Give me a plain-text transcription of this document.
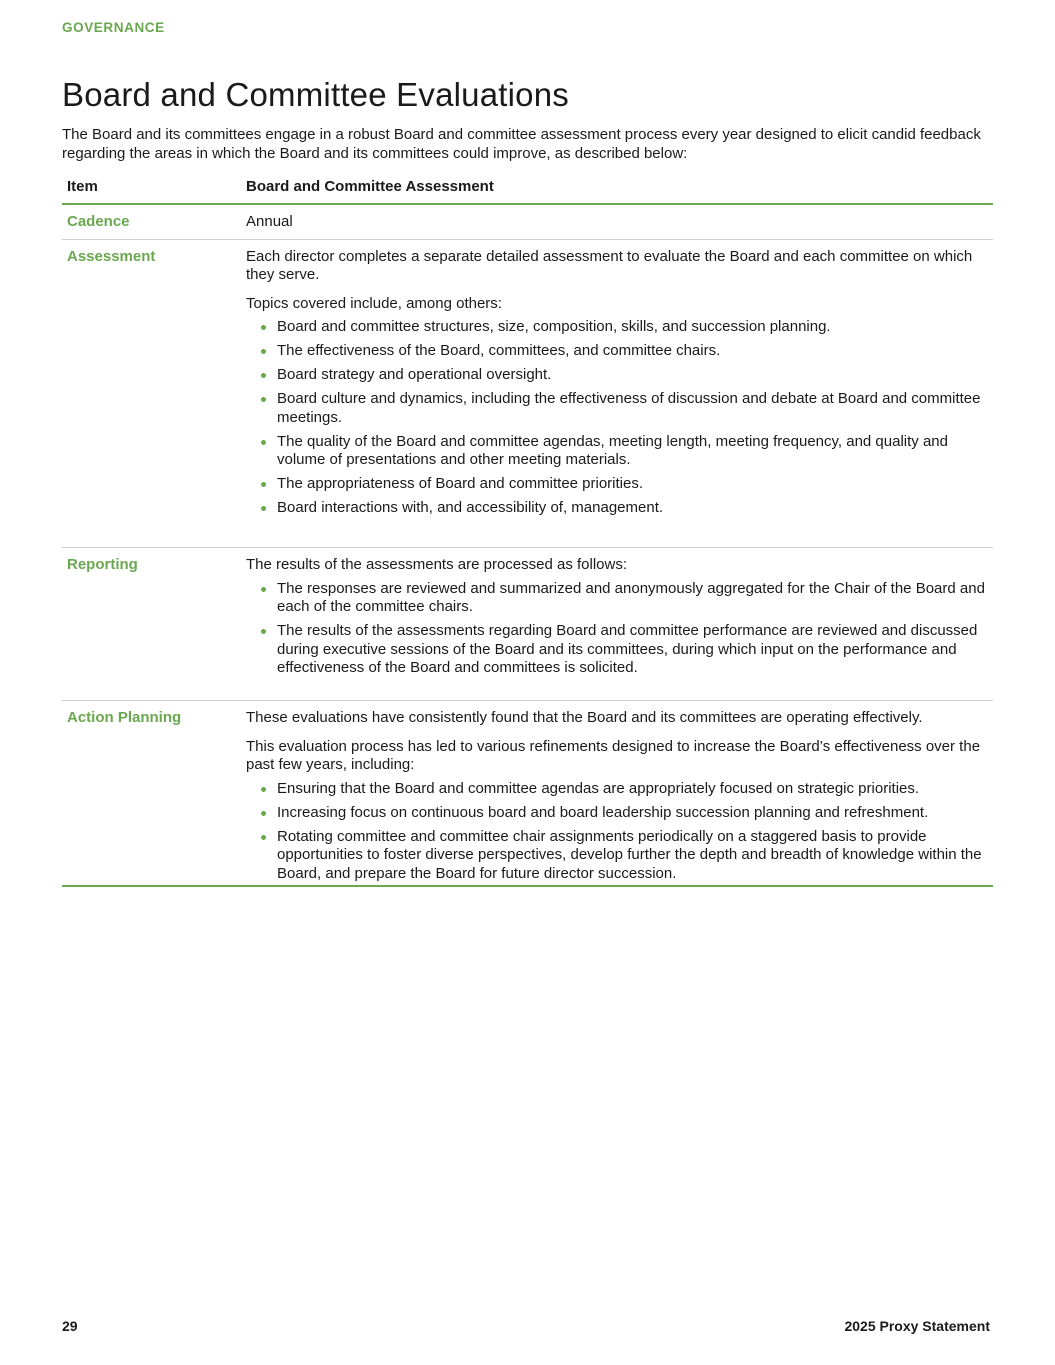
GOVERNANCE
Board and Committee Evaluations

The Board and its committees engage in a robust Board and committee assessment process every year designed to elicit candid feedback regarding the areas in which the Board and its committees could improve, as described below:

Item	Board and Committee Assessment
Cadence	Annual
Assessment	Each director completes a separate detailed assessment to evaluate the Board and each committee on which they serve.

Topics covered include, among others:

Board and committee structures, size, composition, skills, and succession planning.
The effectiveness of the Board, committees, and committee chairs.
Board strategy and operational oversight.
Board culture and dynamics, including the effectiveness of discussion and debate at Board and committee meetings.
The quality of the Board and committee agendas, meeting length, meeting frequency, and quality and volume of presentations and other meeting materials.
The appropriateness of Board and committee priorities.
Board interactions with, and accessibility of, management.
Reporting	The results of the assessments are processed as follows:

The responses are reviewed and summarized and anonymously aggregated for the Chair of the Board and each of the committee chairs.
The results of the assessments regarding Board and committee performance are reviewed and discussed during executive sessions of the Board and its committees, during which input on the performance and effectiveness of the Board and committees is solicited.
Action Planning	These evaluations have consistently found that the Board and its committees are operating effectively.

This evaluation process has led to various refinements designed to increase the Board’s effectiveness over the past few years, including:

Ensuring that the Board and committee agendas are appropriately focused on strategic priorities.
Increasing focus on continuous board and board leadership succession planning and refreshment.
Rotating committee and committee chair assignments periodically on a staggered basis to provide opportunities to foster diverse perspectives, develop further the depth and breadth of knowledge within the Board, and prepare the Board for future director succession.
29	2025 Proxy Statement
